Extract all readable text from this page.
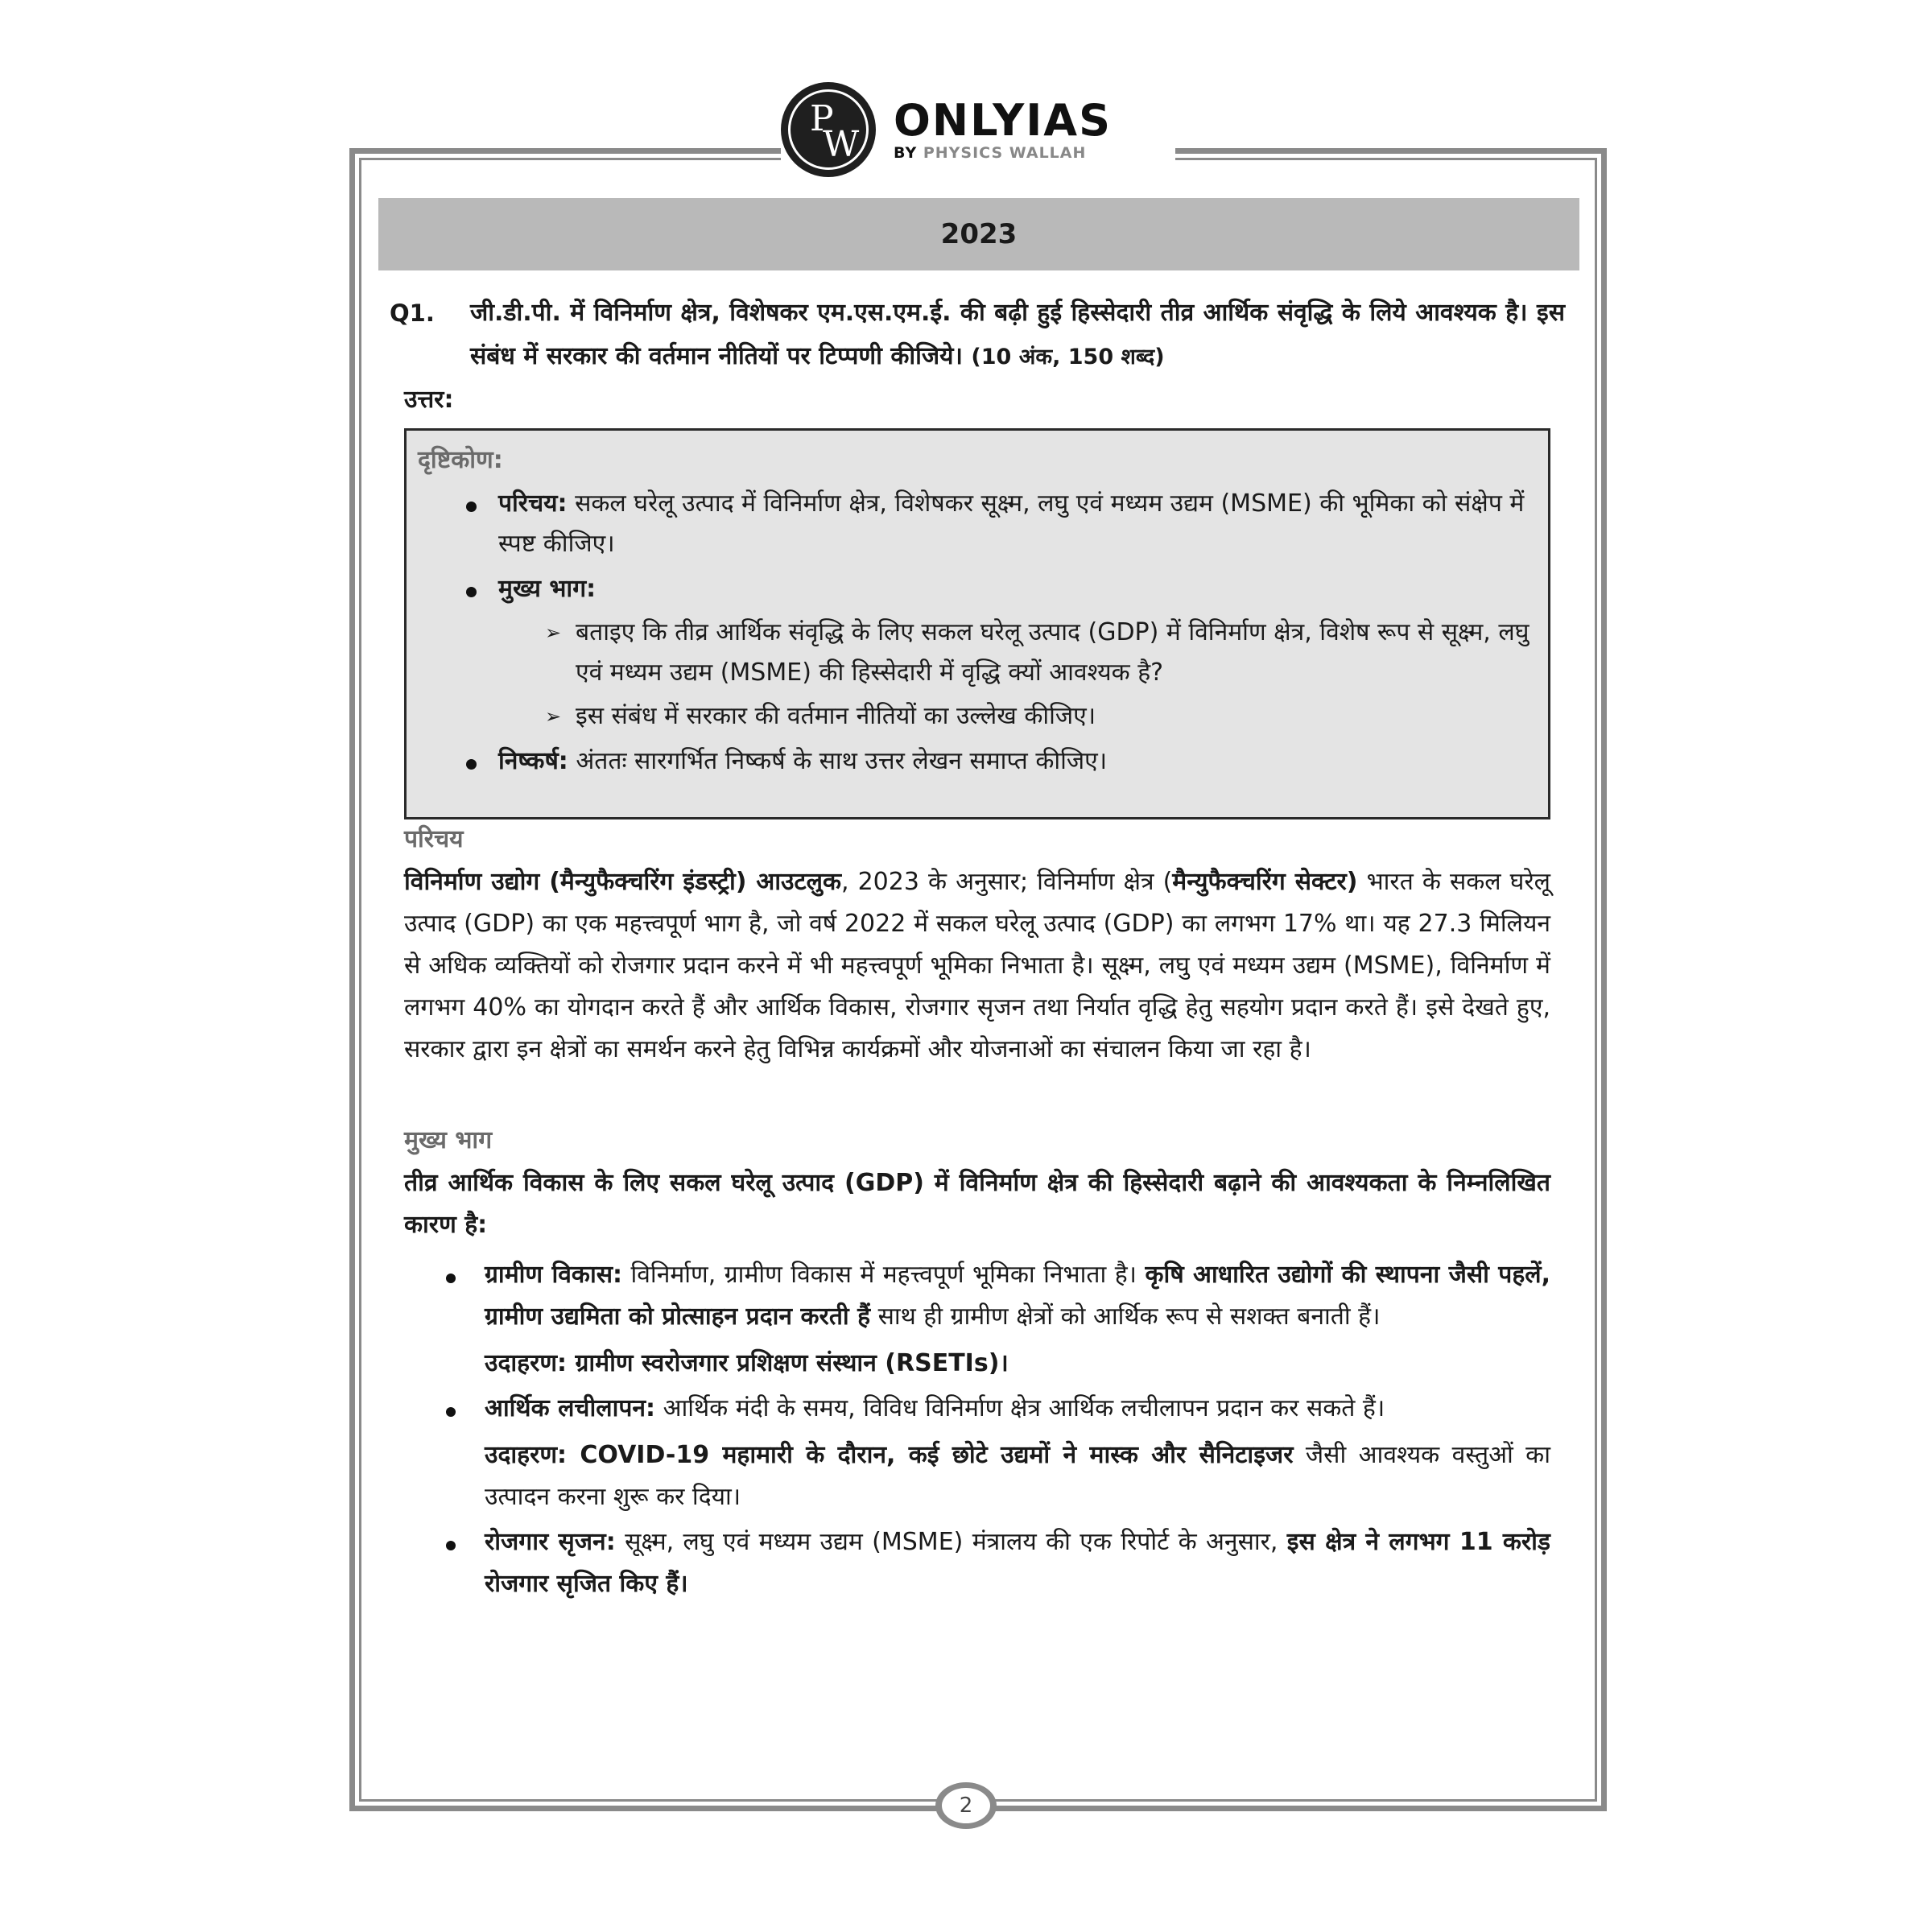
P
W ONLYIAS
BY PHYSICS WALLAH
2023
Q1.	जी.डी.पी. में विनिर्माण क्षेत्र, विशेषकर एम.एस.एम.ई. की बढ़ी हुई हिस्सेदारी तीव्र आर्थिक संवृद्धि के लिये आवश्यक है। इस संबंध में सरकार की वर्तमान नीतियों पर टिप्पणी कीजिये। (10 अंक, 150 शब्द)
उत्तर:
दृष्टिकोण:
परिचय: सकल घरेलू उत्पाद में विनिर्माण क्षेत्र, विशेषकर सूक्ष्म, लघु एवं मध्यम उद्यम (MSME) की भूमिका को संक्षेप में स्पष्ट कीजिए।
मुख्य भाग:
➢ बताइए कि तीव्र आर्थिक संवृद्धि के लिए सकल घरेलू उत्पाद (GDP) में विनिर्माण क्षेत्र, विशेष रूप से सूक्ष्म, लघु एवं मध्यम उद्यम (MSME) की हिस्सेदारी में वृद्धि क्यों आवश्यक है?
➢ इस संबंध में सरकार की वर्तमान नीतियों का उल्लेख कीजिए।
निष्कर्ष: अंततः सारगर्भित निष्कर्ष के साथ उत्तर लेखन समाप्त कीजिए।
परिचय
विनिर्माण उद्योग (मैन्युफैक्चरिंग इंडस्ट्री) आउटलुक, 2023 के अनुसार; विनिर्माण क्षेत्र (मैन्युफैक्चरिंग सेक्टर) भारत के सकल घरेलू उत्पाद (GDP) का एक महत्त्वपूर्ण भाग है, जो वर्ष 2022 में सकल घरेलू उत्पाद (GDP) का लगभग 17% था। यह 27.3 मिलियन से अधिक व्यक्तियों को रोजगार प्रदान करने में भी महत्त्वपूर्ण भूमिका निभाता है। सूक्ष्म, लघु एवं मध्यम उद्यम (MSME), विनिर्माण में लगभग 40% का योगदान करते हैं और आर्थिक विकास, रोजगार सृजन तथा निर्यात वृद्धि हेतु सहयोग प्रदान करते हैं। इसे देखते हुए, सरकार द्वारा इन क्षेत्रों का समर्थन करने हेतु विभिन्न कार्यक्रमों और योजनाओं का संचालन किया जा रहा है।
मुख्य भाग
तीव्र आर्थिक विकास के लिए सकल घरेलू उत्पाद (GDP) में विनिर्माण क्षेत्र की हिस्सेदारी बढ़ाने की आवश्यकता के निम्नलिखित कारण है:
ग्रामीण विकास: विनिर्माण, ग्रामीण विकास में महत्त्वपूर्ण भूमिका निभाता है। कृषि आधारित उद्योगों की स्थापना जैसी पहलें, ग्रामीण उद्यमिता को प्रोत्साहन प्रदान करती हैं साथ ही ग्रामीण क्षेत्रों को आर्थिक रूप से सशक्त बनाती हैं।
उदाहरण: ग्रामीण स्वरोजगार प्रशिक्षण संस्थान (RSETIs)।
आर्थिक लचीलापन: आर्थिक मंदी के समय, विविध विनिर्माण क्षेत्र आर्थिक लचीलापन प्रदान कर सकते हैं।
उदाहरण: COVID-19 महामारी के दौरान, कई छोटे उद्यमों ने मास्क और सैनिटाइजर जैसी आवश्यक वस्तुओं का उत्पादन करना शुरू कर दिया।
रोजगार सृजन: सूक्ष्म, लघु एवं मध्यम उद्यम (MSME) मंत्रालय की एक रिपोर्ट के अनुसार, इस क्षेत्र ने लगभग 11 करोड़ रोजगार सृजित किए हैं।
2
